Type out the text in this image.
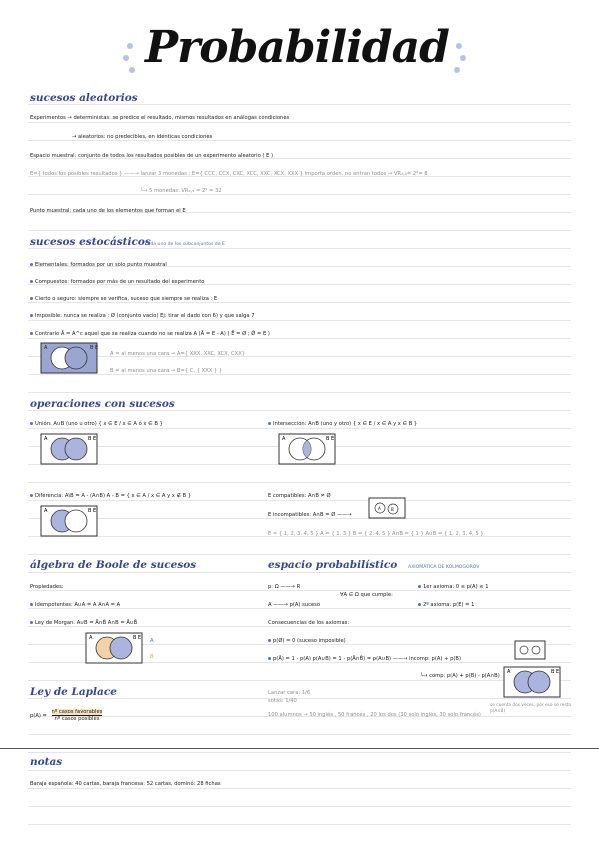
Probabilidad
sucesos aleatorios
Experimentos → deterministas: se predice el resultado, mismos resultados en análogas condiciones
→ aleatorios: no predecibles, en idénticas condiciones
Espacio muestral: conjunto de todos los resultados posibles de un experimento aleatorio ( E )
E={ todos los posibles resultados } ——→ lanzar 3 monedas : E={ CCC, CCX, CXC, XCC, XXC, XCX, XXX } importa orden, no entran todos → VR₂,₃= 2³= 8
└→ 5 monedas: VR₂,₅ = 2⁵ = 32
Punto muestral: cada uno de los elementos que forman el E
sucesos estocásticos
cada uno de los subconjuntos de E
Elementales: formados por un solo punto muestral
Compuestos: formados por más de un resultado del experimento
Cierto o seguro: siempre se verifica, suceso que siempre se realiza : E
Imposible: nunca se realiza : Ø (conjunto vacío) Ej: tirar el dado con 6) y que salga 7
Contrario Ā = A^c aquel que se realiza cuando no se realiza A (Ā = E - A) ( Ē = Ø ; Ø̄ = E )
A	B E
A = al menos una cara → A={ XXX, XXC, XCX, CXX}
B = al menos una cara → B={ C, { XXX } }
operaciones con sucesos
Unión: A∪B (uno u otro) { x ∈ E / x ∈ A ó x ∈ B }	Intersección: A∩B (uno y otro) { x ∈ E / x ∈ A y x ∈ B }
A	B E	A	B E
Diferencia: A\B = A - (A∩B) A - B = { x ∈ A / x ∈ A y x ∉ B }	E compatibles: A∩B ≠ Ø
E incompatibles: A∩B = Ø ——→
A	B
A	B E
E = { 1, 2, 3, 4, 5 } A = { 1, 3 } B = { 2, 4, 5 } A∩B = { 1 } A∪B = { 1, 2, 3, 4, 5 }
álgebra de Boole de sucesos
Propiedades:
Idempotentes: A∪A = A A∩A = A
Ley de Morgan: A∪B = Ā∩B̄ A∩B = Ā∪B̄
A	B E A
B
espacio probabilístico AXIOMÁTICA DE KOLMOGOROV
p: Ω ——→ R
∀A ∈ Ω que cumple:
A ——→ p(A) suceso
1er axioma: 0 ≤ p(A) ≤ 1
2º axioma: p(E) = 1
Consecuencias de los axiomas:
p(Ø) = 0 (suceso imposible)
p(Ā) = 1 - p(A) p(A∪B) = 1 - p(Ā∩B̄) = p(A∪B) ——→ incomp: p(A) + p(B)
└→ comp: p(A) + p(B) - p(A∩B)
A	B E
se cuenta dos veces, por eso se resta p(A∩B)
Ley de Laplace
p(A) =
nº casos favorables
nº casos posibles
Lanzar cara: 1/6
sotas: 1/40
100 alumnos → 50 inglés , 50 francés , 20 los dos (30 solo inglés, 30 solo francés)
notas
Baraja española: 40 cartas, baraja francesa: 52 cartas, dominó: 28 fichas
